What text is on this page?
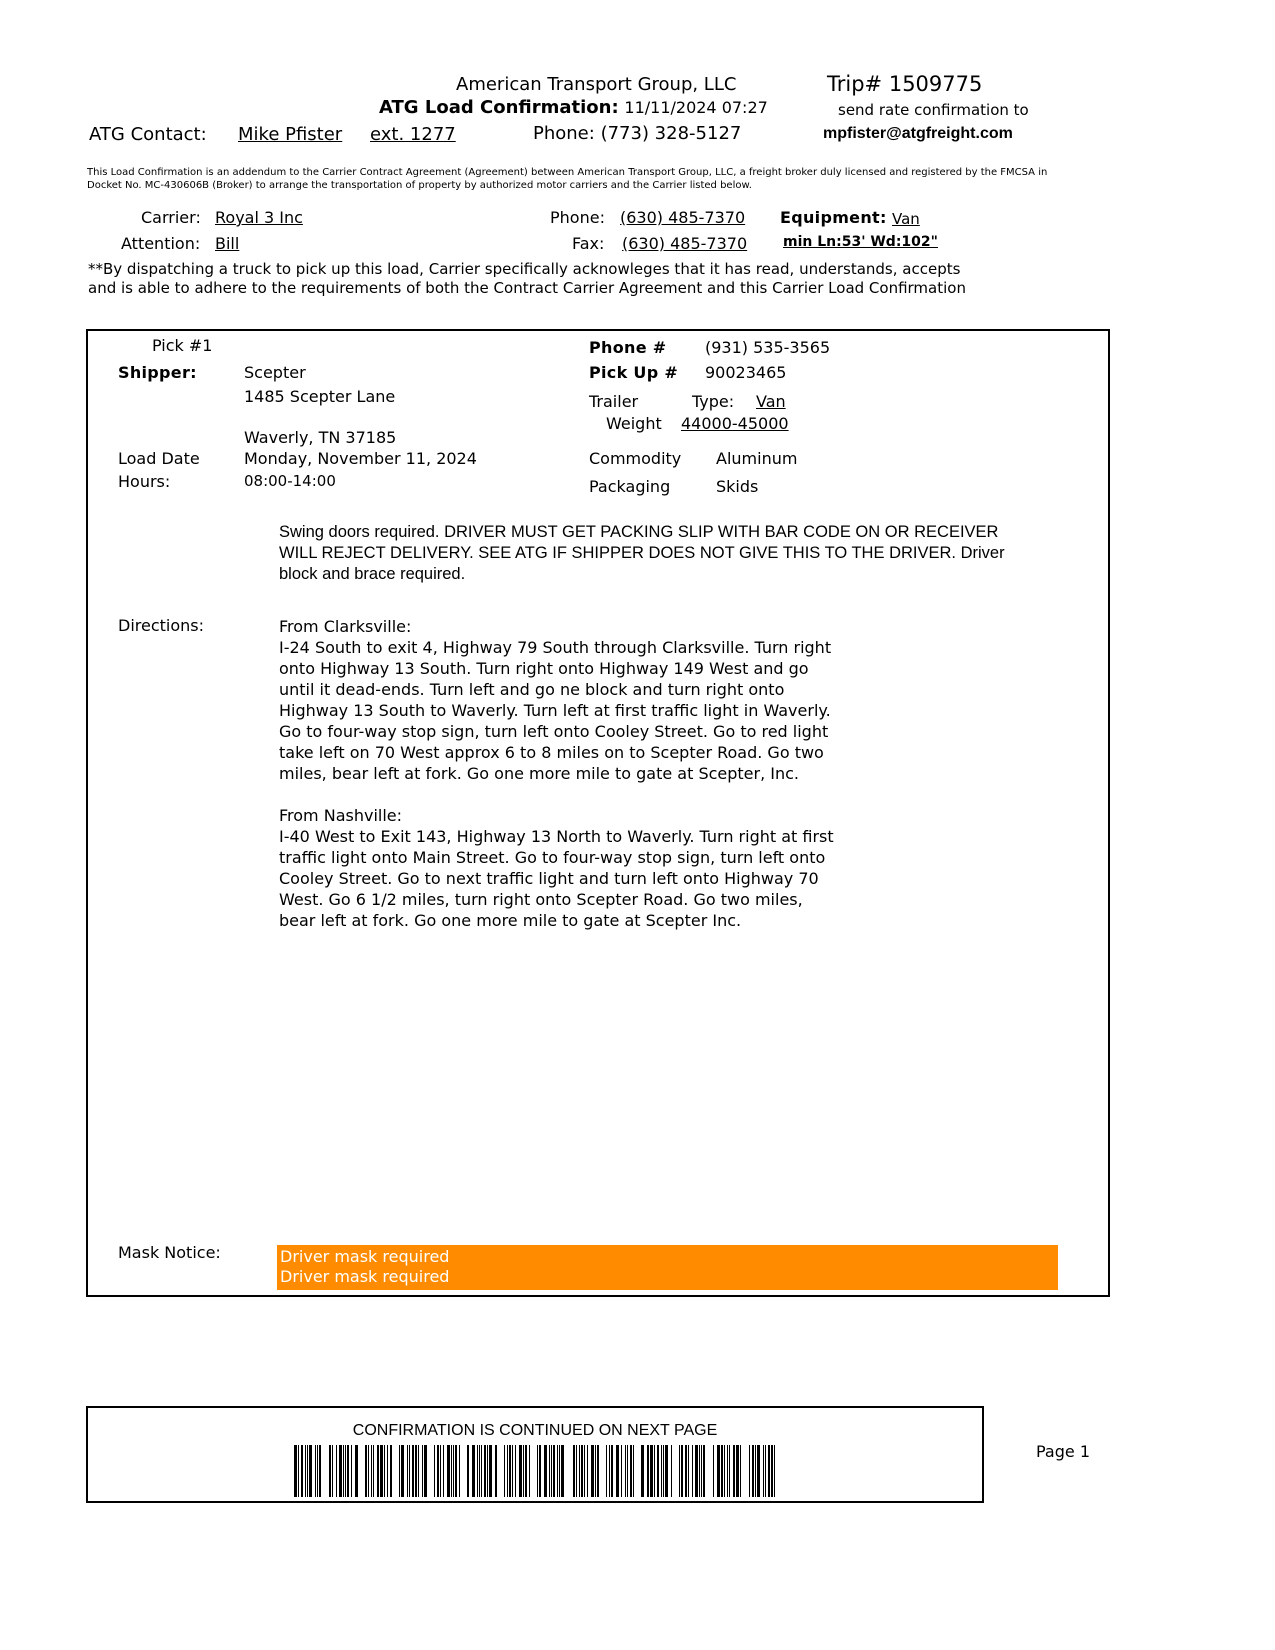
American Transport Group, LLC	Trip# 1509775
ATG Load Confirmation: 11/11/2024 07:27	send rate confirmation to
ATG Contact: Mike Pfister ext. 1277	Phone: (773) 328-5127	mpfister@atgfreight.com
This Load Confirmation is an addendum to the Carrier Contract Agreement (Agreement) between American Transport Group, LLC, a freight broker duly licensed and registered by the FMCSA in Docket No. MC-430606B (Broker) to arrange the transportation of property by authorized motor carriers and the Carrier listed below.
Carrier: Royal 3 Inc
Attention: Bill
Phone: (630) 485-7370
Fax: (630) 485-7370
Equipment: Van
min Ln:53' Wd:102"
**By dispatching a truck to pick up this load, Carrier specifically acknowleges that it has read, understands, accepts
and is able to adhere to the requirements of both the Contract Carrier Agreement and this Carrier Load Confirmation
Pick #1
Shipper:	Scepter
1485 Scepter Lane
Waverly, TN 37185
Load Date	Monday, November 11, 2024
Hours:	08:00-14:00
Phone # (931) 535-3565
Pick Up # 90023465
Trailer	Type: Van
Weight 44000-45000
Commodity Aluminum
Packaging	Skids
Swing doors required. DRIVER MUST GET PACKING SLIP WITH BAR CODE ON OR RECEIVER WILL REJECT DELIVERY. SEE ATG IF SHIPPER DOES NOT GIVE THIS TO THE DRIVER. Driver block and brace required.
Directions:	From Clarksville:
I-24 South to exit 4, Highway 79 South through Clarksville. Turn right
onto Highway 13 South. Turn right onto Highway 149 West and go
until it dead-ends. Turn left and go ne block and turn right onto
Highway 13 South to Waverly. Turn left at first traffic light in Waverly.
Go to four-way stop sign, turn left onto Cooley Street. Go to red light
take left on 70 West approx 6 to 8 miles on to Scepter Road. Go two
miles, bear left at fork. Go one more mile to gate at Scepter, Inc.
From Nashville:
I-40 West to Exit 143, Highway 13 North to Waverly. Turn right at first
traffic light onto Main Street. Go to four-way stop sign, turn left onto
Cooley Street. Go to next traffic light and turn left onto Highway 70
West. Go 6 1/2 miles, turn right onto Scepter Road. Go two miles,
bear left at fork. Go one more mile to gate at Scepter Inc.
Mask Notice:	Driver mask required
Driver mask required
CONFIRMATION IS CONTINUED ON NEXT PAGE
Page 1
